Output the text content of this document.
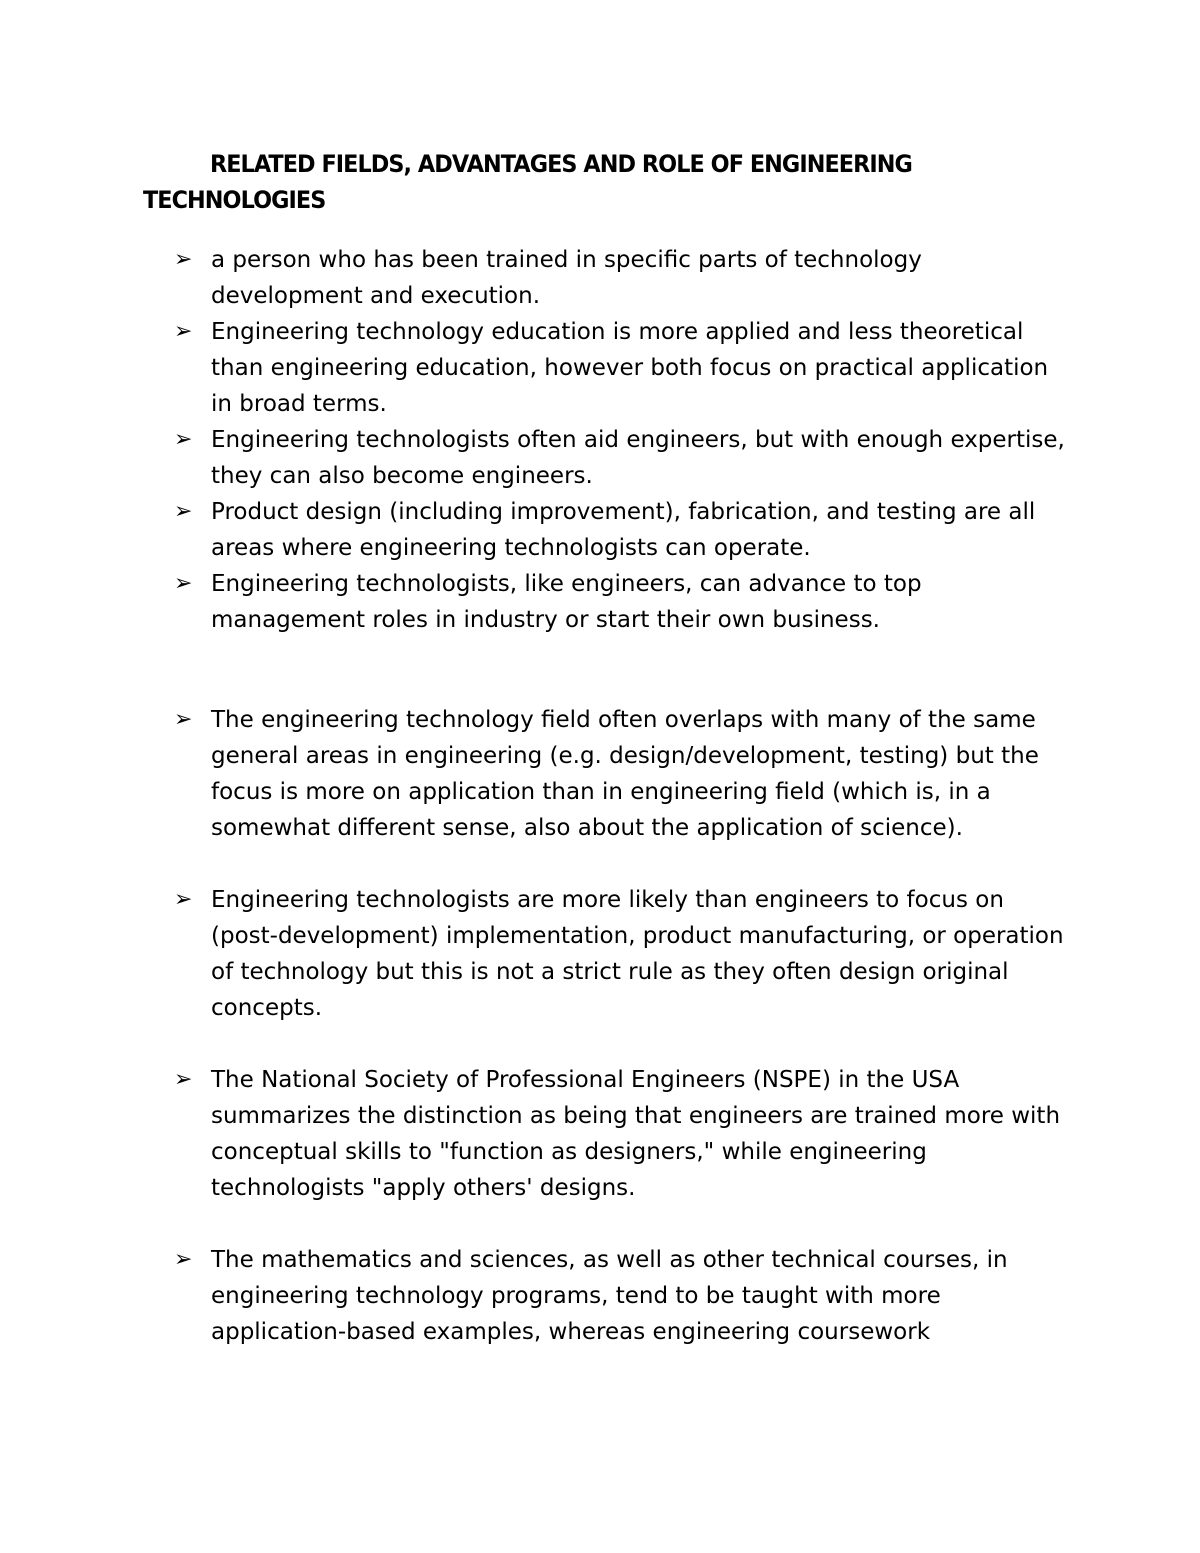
RELATED FIELDS, ADVANTAGES AND ROLE OF ENGINEERING TECHNOLOGIES
➢ a person who has been trained in specific parts of technology development and execution.
➢ Engineering technology education is more applied and less theoretical than engineering education, however both focus on practical application in broad terms.
➢ Engineering technologists often aid engineers, but with enough expertise, they can also become engineers.
➢ Product design (including improvement), fabrication, and testing are all areas where engineering technologists can operate.
➢ Engineering technologists, like engineers, can advance to top management roles in industry or start their own business.
➢ The engineering technology field often overlaps with many of the same general areas in engineering (e.g. design/development, testing) but the focus is more on application than in engineering field (which is, in a somewhat different sense, also about the application of science).
➢ Engineering technologists are more likely than engineers to focus on (post-development) implementation, product manufacturing, or operation of technology but this is not a strict rule as they often design original concepts.
➢ The National Society of Professional Engineers (NSPE) in the USA summarizes the distinction as being that engineers are trained more with conceptual skills to "function as designers," while engineering technologists "apply others' designs.
➢ The mathematics and sciences, as well as other technical courses, in engineering technology programs, tend to be taught with more application-based examples, whereas engineering coursework
